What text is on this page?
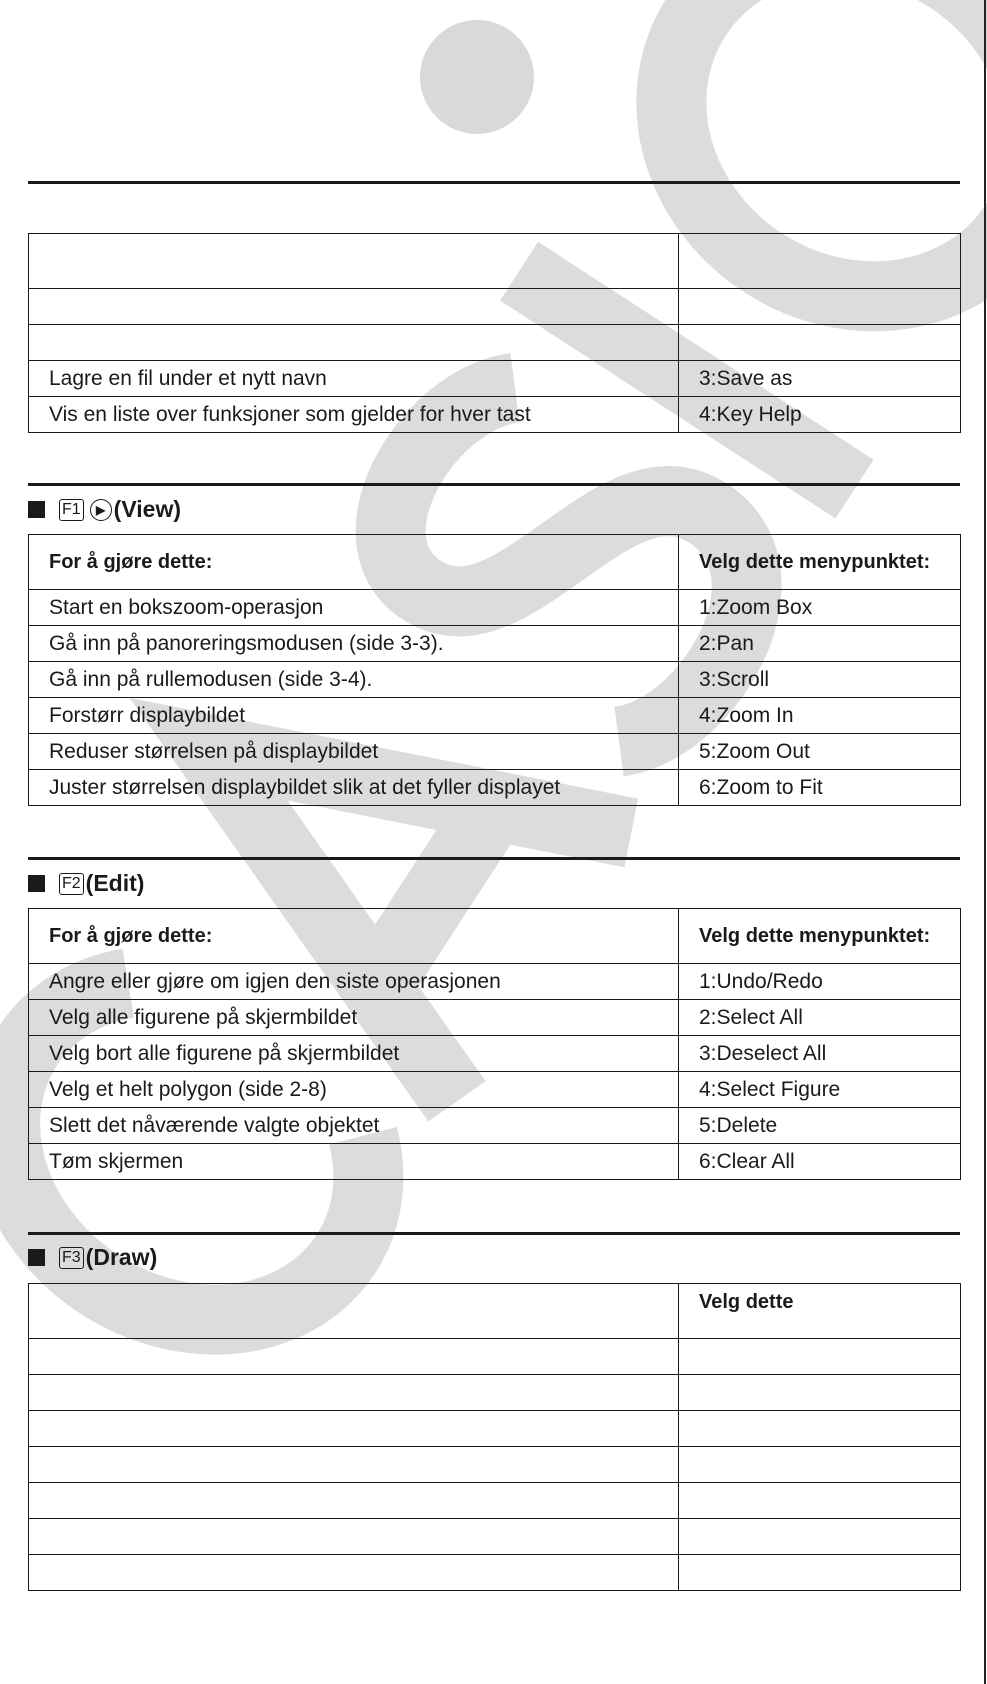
Lagre en fil under et nytt navn	3:Save as
Vis en liste over funksjoner som gjelder for hver tast	4:Key Help
F1	▶ (View)
For å gjøre dette:	Velg dette menypunktet:
Start en bokszoom-operasjon	1:Zoom Box
Gå inn på panoreringsmodusen (side 3-3).	2:Pan
Gå inn på rullemodusen (side 3-4).	3:Scroll
Forstørr displaybildet	4:Zoom In
Reduser størrelsen på displaybildet	5:Zoom Out
Juster størrelsen displaybildet slik at det fyller displayet	6:Zoom to Fit
F2 (Edit)
For å gjøre dette:	Velg dette menypunktet:
Angre eller gjøre om igjen den siste operasjonen	1:Undo/Redo
Velg alle figurene på skjermbildet	2:Select All
Velg bort alle figurene på skjermbildet	3:Deselect All
Velg et helt polygon (side 2-8)	4:Select Figure
Slett det nåværende valgte objektet	5:Delete
Tøm skjermen	6:Clear All
F3 (Draw)
	Velg dette
